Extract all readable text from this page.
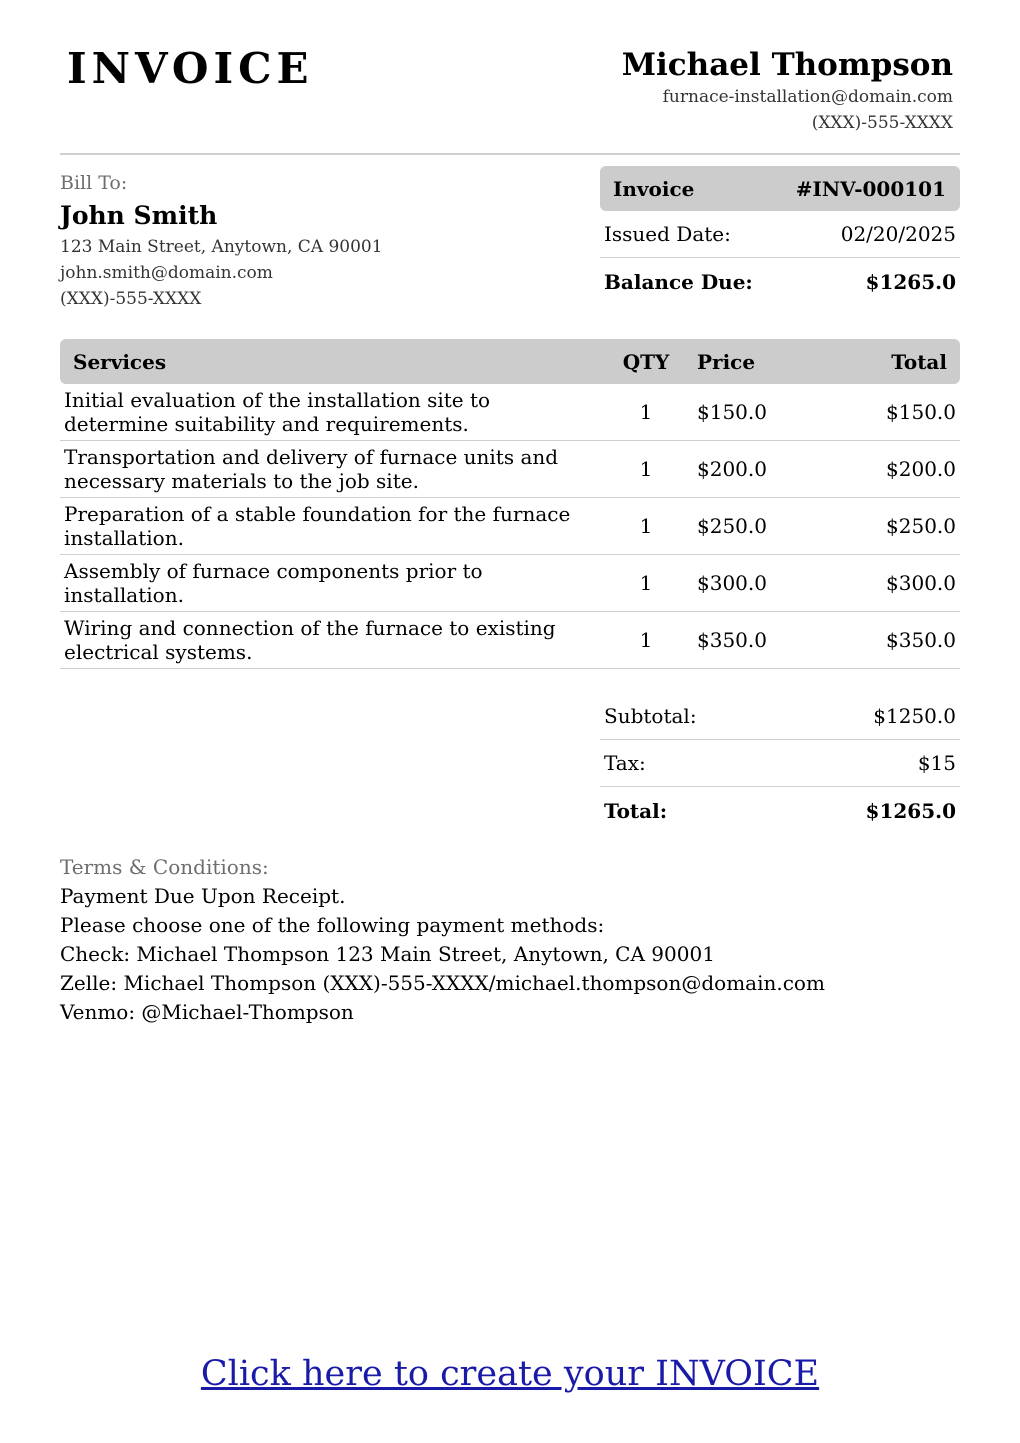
INVOICE	Michael Thompson
furnace-installation@domain.com
(XXX)-555-XXXX
Bill To:
John Smith
123 Main Street, Anytown, CA 90001
john.smith@domain.com
(XXX)-555-XXXX
Invoice	#INV-000101
Issued Date:	02/20/2025
Balance Due:	$1265.0
Services	QTY	Price	Total
Initial evaluation of the installation site to determine suitability and requirements.	1	$150.0	$150.0
Transportation and delivery of furnace units and necessary materials to the job site.	1	$200.0	$200.0
Preparation of a stable foundation for the furnace installation.	1	$250.0	$250.0
Assembly of furnace components prior to installation.	1	$300.0	$300.0
Wiring and connection of the furnace to existing electrical systems.	1	$350.0	$350.0
Subtotal:	$1250.0
Tax:	$15
Total:	$1265.0
Terms & Conditions:
Payment Due Upon Receipt.
Please choose one of the following payment methods:
Check: Michael Thompson 123 Main Street, Anytown, CA 90001
Zelle: Michael Thompson (XXX)-555-XXXX/michael.thompson@domain.com
Venmo: @Michael-Thompson
Click here to create your INVOICE
